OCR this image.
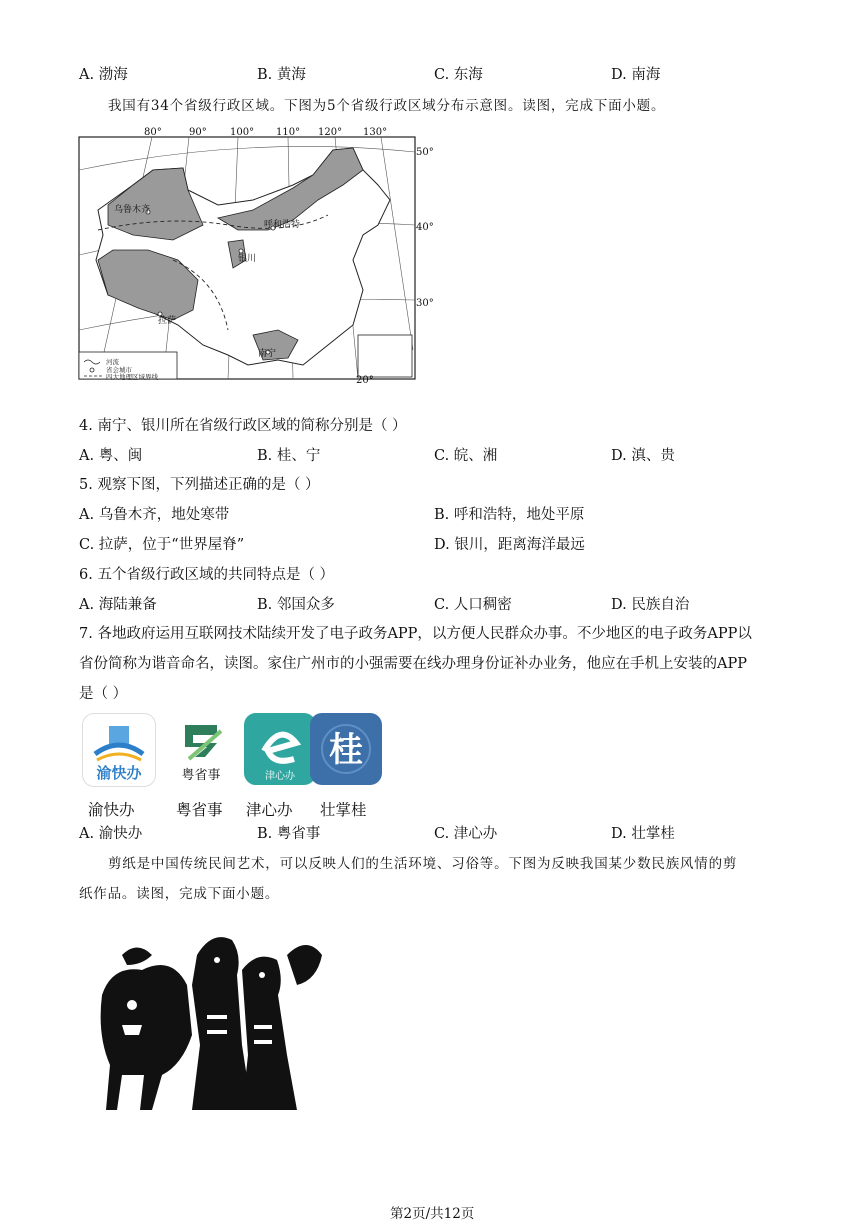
A. 渤海	B. 黄海	C. 东海	D. 南海
我国有34个省级行政区域。下图为5个省级行政区域分布示意图。读图，完成下面小题。
河流
省会城市
四大地理区域界线
乌鲁木齐
呼和浩特
银川
拉萨
南宁
80°	90° 100° 110° 120° 130°
50°
40°
30°
20°
4. 南宁、银川所在省级行政区域的简称分别是（ ）
A. 粤、闽	B. 桂、宁	C. 皖、湘	D. 滇、贵
5. 观察下图，下列描述正确的是（ ）
A. 乌鲁木齐，地处寒带	B. 呼和浩特，地处平原
C. 拉萨，位于“世界屋脊”	D. 银川，距离海洋最远
6. 五个省级行政区域的共同特点是（ ）
A. 海陆兼备	B. 邻国众多	C. 人口稠密	D. 民族自治
7. 各地政府运用互联网技术陆续开发了电子政务APP，以方便人民群众办事。不少地区的电子政务APP以
省份简称为谐音命名，读图。家住广州市的小强需要在线办理身份证补办业务，他应在手机上安装的APP
是（ ）
渝快办	粤省事	津心办
桂
渝快办	粤省事 津心办 壮掌桂
A. 渝快办	B. 粤省事	C. 津心办	D. 壮掌桂
剪纸是中国传统民间艺术，可以反映人们的生活环境、习俗等。下图为反映我国某少数民族风情的剪
纸作品。读图，完成下面小题。
第2页/共12页
